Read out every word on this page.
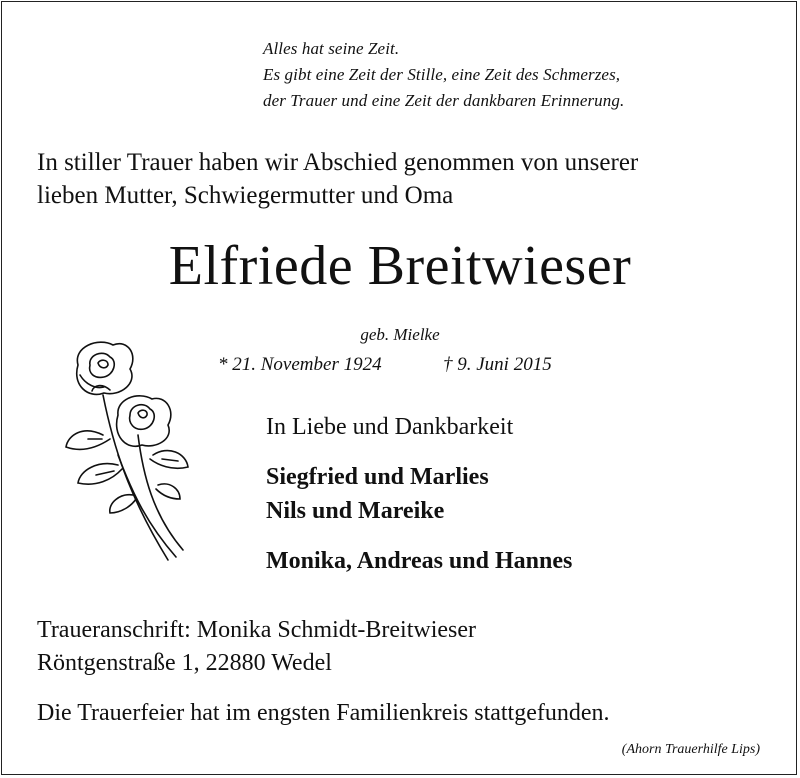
Alles hat seine Zeit.
Es gibt eine Zeit der Stille, eine Zeit des Schmerzes,
der Trauer und eine Zeit der dankbaren Erinnerung.
In stiller Trauer haben wir Abschied genommen von unserer
lieben Mutter, Schwiegermutter und Oma
Elfriede Breitwieser
geb. Mielke
* 21. November 1924	† 9. Juni 2015
In Liebe und Dankbarkeit
Siegfried und Marlies
Nils und Mareike
Monika, Andreas und Hannes
Traueranschrift: Monika Schmidt-Breitwieser
Röntgenstraße 1, 22880 Wedel
Die Trauerfeier hat im engsten Familienkreis stattgefunden.
(Ahorn Trauerhilfe Lips)
